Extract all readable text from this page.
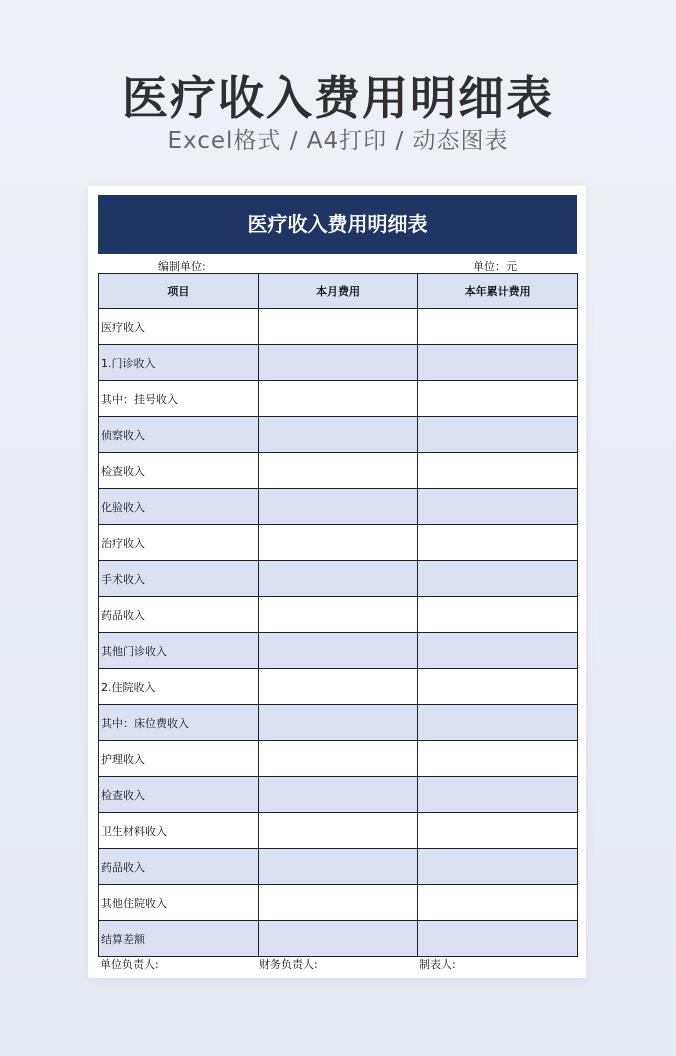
医疗收入费用明细表
Excel格式 / A4打印 / 动态图表
医疗收入费用明细表
编制单位:	单位：元
项目	本月费用	本年累计费用
医疗收入		
1.门诊收入		
其中：挂号收入		
侦察收入		
检查收入		
化验收入		
治疗收入		
手术收入		
药品收入		
其他门诊收入		
2.住院收入		
其中：床位费收入		
护理收入		
检查收入		
卫生材料收入		
药品收入		
其他住院收入		
结算差额		
单位负责人:	财务负责人:	制表人:
